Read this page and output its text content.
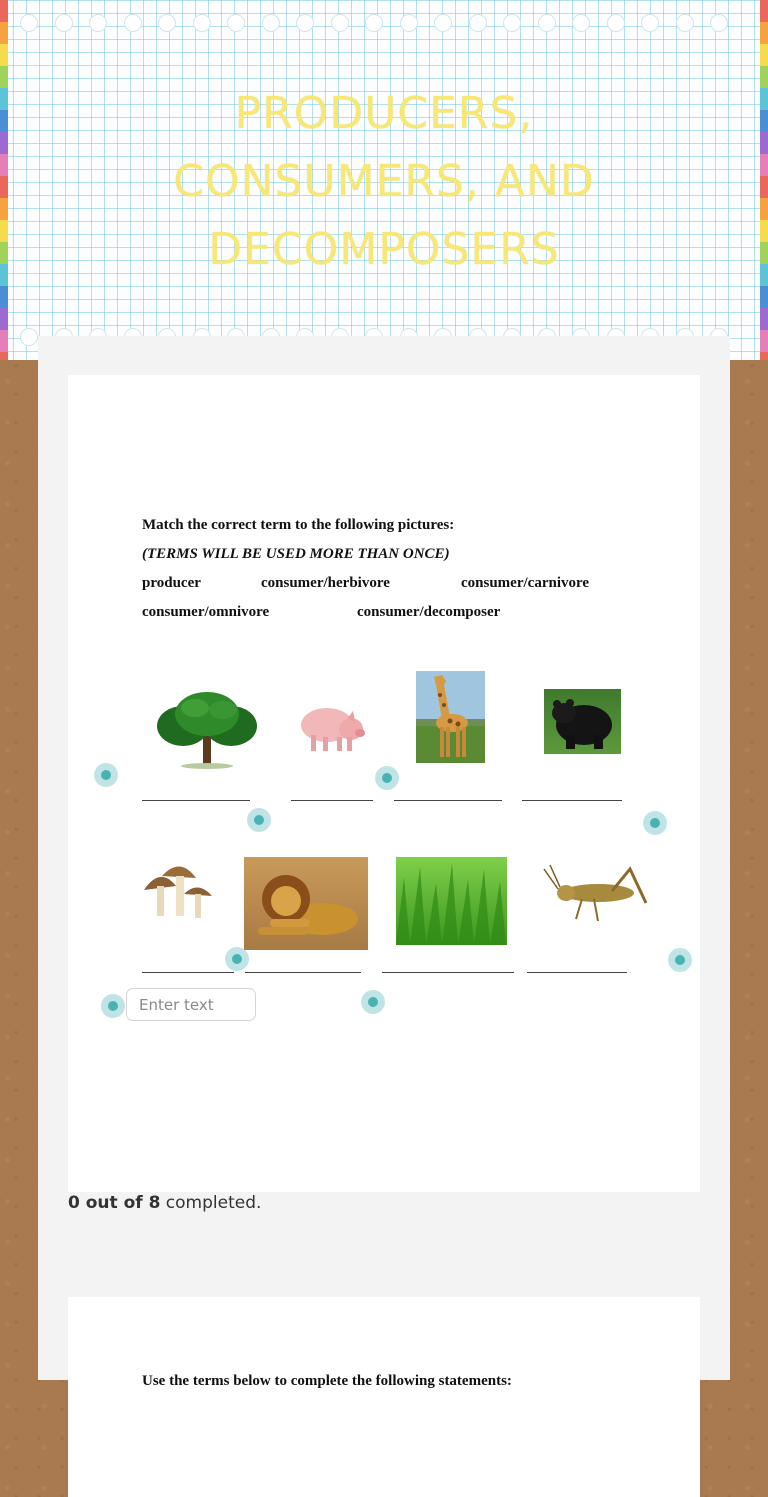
PRODUCERS, CONSUMERS, AND DECOMPOSERS
Match the correct term to the following pictures:
(TERMS WILL BE USED MORE THAN ONCE)
producer	consumer/herbivore	consumer/carnivore
consumer/omnivore	consumer/decomposer
Enter text
0 out of 8 completed.
Use the terms below to complete the following statements:
